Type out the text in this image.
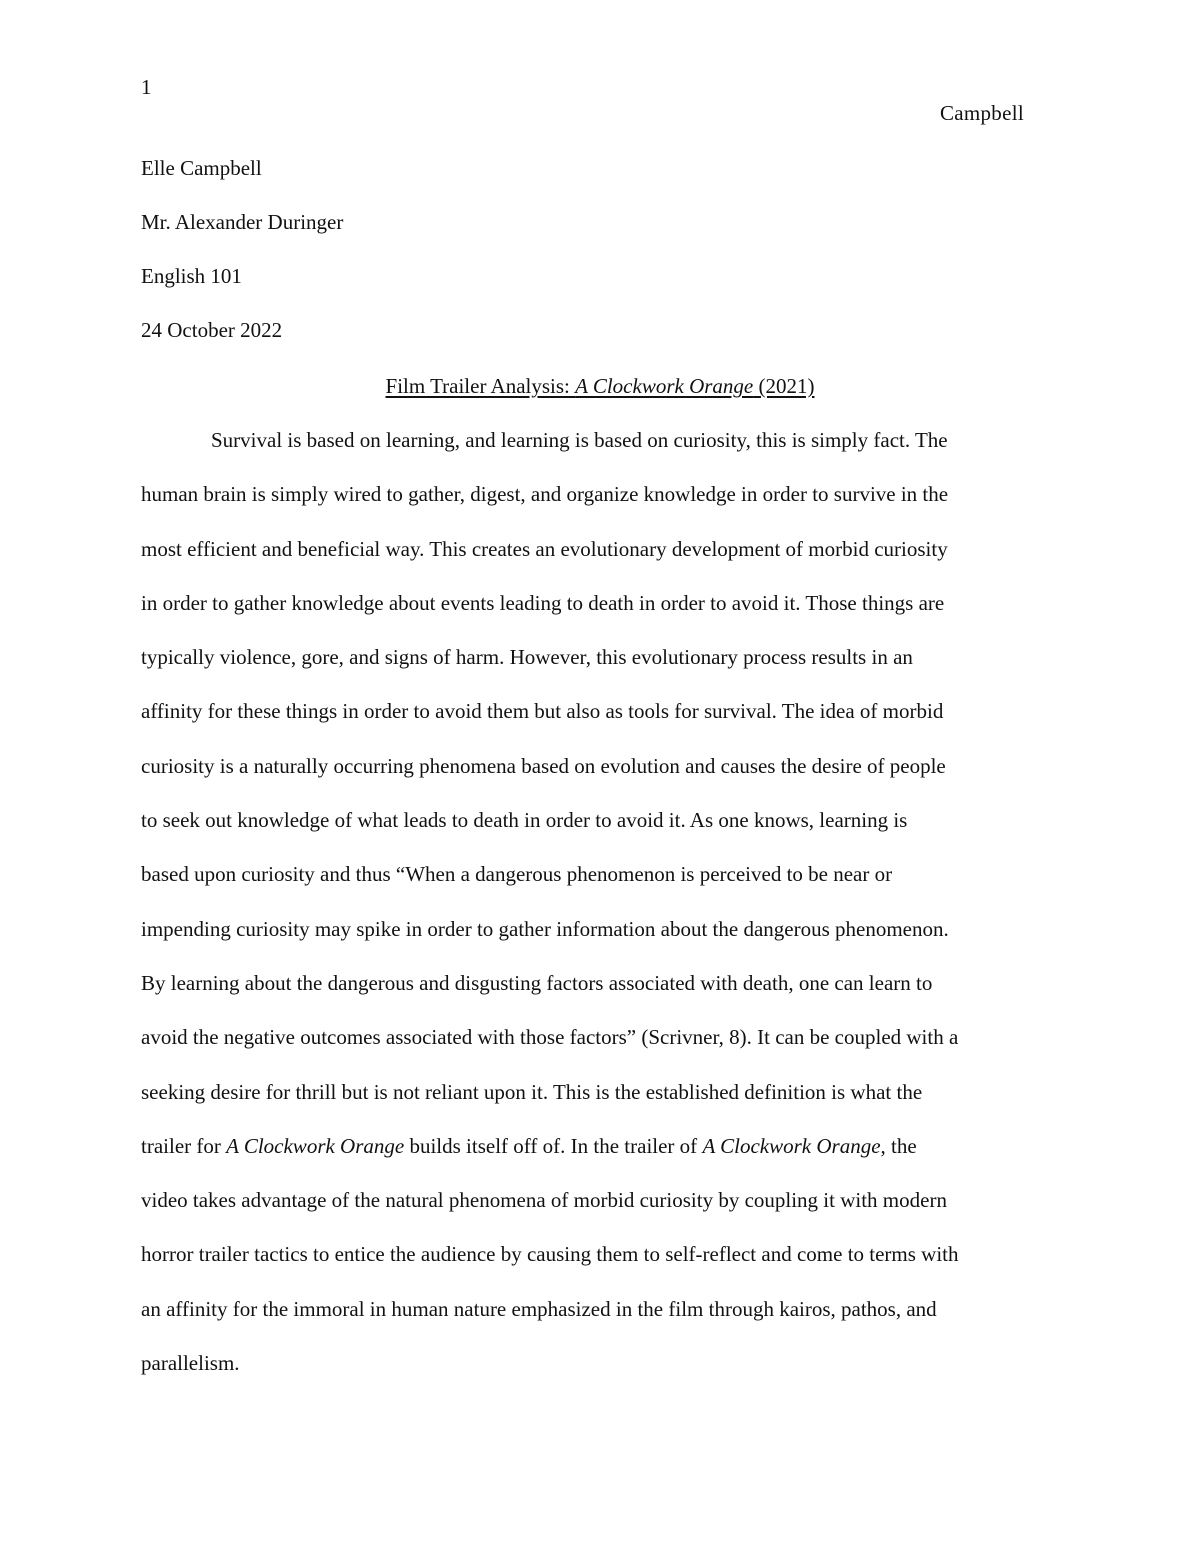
1
Campbell
Elle Campbell
Mr. Alexander Duringer
English 101
24 October 2022
Film Trailer Analysis: A Clockwork Orange (2021)
Survival is based on learning, and learning is based on curiosity, this is simply fact. The
human brain is simply wired to gather, digest, and organize knowledge in order to survive in the
most efficient and beneficial way. This creates an evolutionary development of morbid curiosity
in order to gather knowledge about events leading to death in order to avoid it. Those things are
typically violence, gore, and signs of harm. However, this evolutionary process results in an
affinity for these things in order to avoid them but also as tools for survival. The idea of morbid
curiosity is a naturally occurring phenomena based on evolution and causes the desire of people
to seek out knowledge of what leads to death in order to avoid it. As one knows, learning is
based upon curiosity and thus “When a dangerous phenomenon is perceived to be near or
impending curiosity may spike in order to gather information about the dangerous phenomenon.
By learning about the dangerous and disgusting factors associated with death, one can learn to
avoid the negative outcomes associated with those factors” (Scrivner, 8). It can be coupled with a
seeking desire for thrill but is not reliant upon it. This is the established definition is what the
trailer for A Clockwork Orange builds itself off of. In the trailer of A Clockwork Orange, the
video takes advantage of the natural phenomena of morbid curiosity by coupling it with modern
horror trailer tactics to entice the audience by causing them to self-reflect and come to terms with
an affinity for the immoral in human nature emphasized in the film through kairos, pathos, and
parallelism.
